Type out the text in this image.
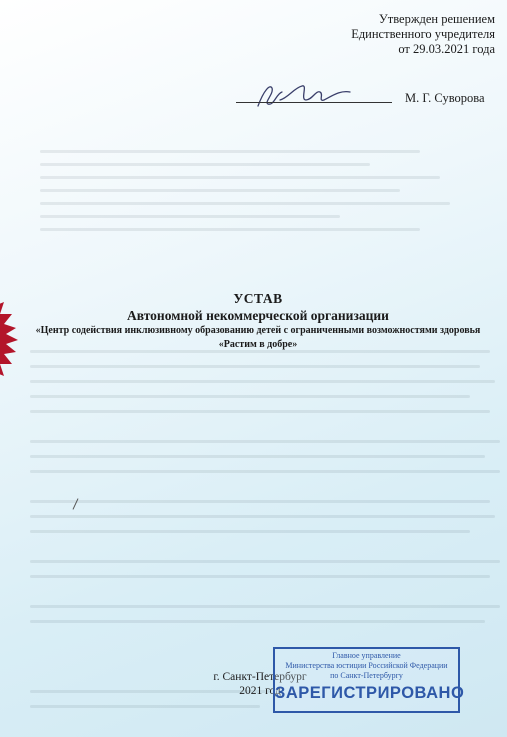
Утвержден решением
Единственного учредителя
от 29.03.2021 года
М. Г. Суворова
УСТАВ
Автономной некоммерческой организации
«Центр содействия инклюзивному образованию детей с ограниченными возможностями здоровья «Растим в добре»
г. Санкт-Петербург
2021 год
Главное управление
Министерства юстиции Российской Федерации
по Санкт-Петербургу
ЗАРЕГИСТРИРОВАНО
